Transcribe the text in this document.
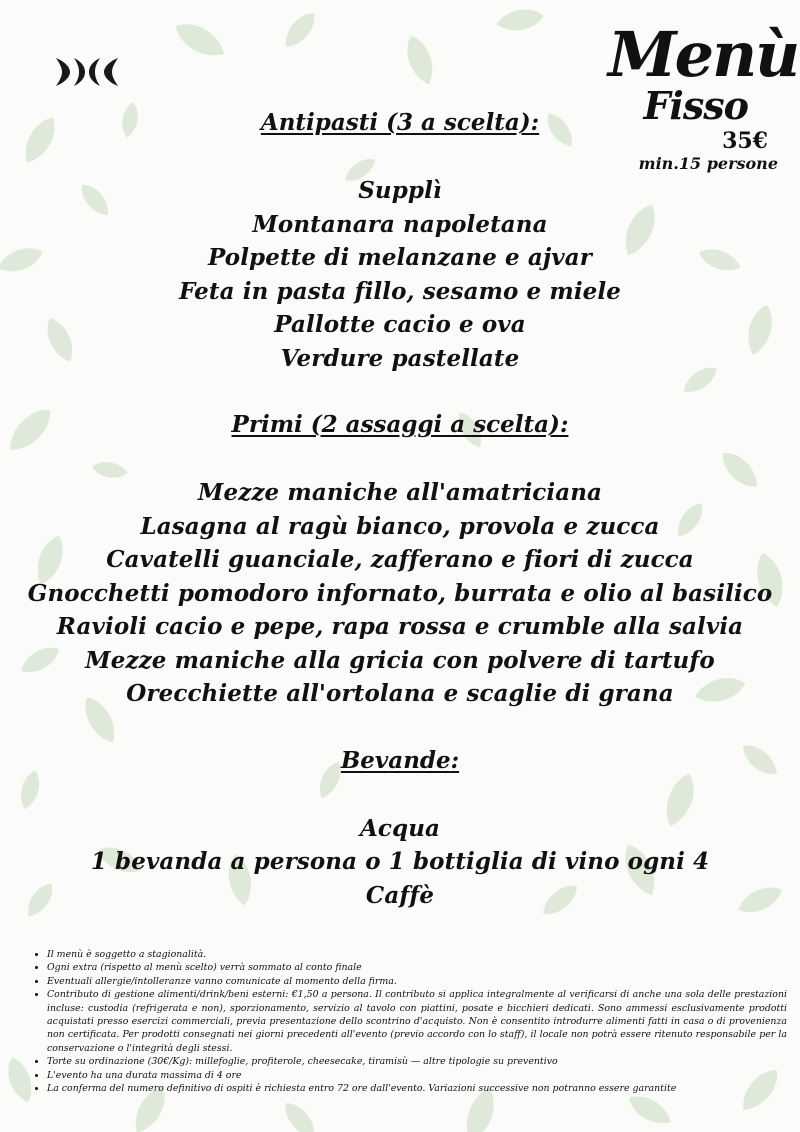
Menù
Fisso
35€
min.15 persone
Antipasti (3 a scelta):
Supplì
Montanara napoletana
Polpette di melanzane e ajvar
Feta in pasta fillo, sesamo e miele
Pallotte cacio e ova
Verdure pastellate
Primi (2 assaggi a scelta):
Mezze maniche all'amatriciana
Lasagna al ragù bianco, provola e zucca
Cavatelli guanciale, zafferano e fiori di zucca
Gnocchetti pomodoro infornato, burrata e olio al basilico
Ravioli cacio e pepe, rapa rossa e crumble alla salvia
Mezze maniche alla gricia con polvere di tartufo
Orecchiette all'ortolana e scaglie di grana
Bevande:
Acqua
1 bevanda a persona o 1 bottiglia di vino ogni 4
Caffè
• Il menù è soggetto a stagionalità.
• Ogni extra (rispetto al menù scelto) verrà sommato al conto finale
• Eventuali allergie/intolleranze vanno comunicate al momento della firma.
• Contributo di gestione alimenti/drink/beni esterni: €1,50 a persona. Il contributo si applica integralmente al verificarsi di anche una sola delle prestazioni incluse: custodia (refrigerata e non), sporzionamento, servizio al tavolo con piattini, posate e bicchieri dedicati. Sono ammessi esclusivamente prodotti acquistati presso esercizi commerciali, previa presentazione dello scontrino d'acquisto. Non è consentito introdurre alimenti fatti in casa o di provenienza non certificata. Per prodotti consegnati nei giorni precedenti all'evento (previo accordo con lo staff), il locale non potrà essere ritenuto responsabile per la conservazione o l'integrità degli stessi.
• Torte su ordinazione (30€/Kg): millefoglie, profiterole, cheesecake, tiramisù — altre tipologie su preventivo
• L'evento ha una durata massima di 4 ore
• La conferma del numero definitivo di ospiti è richiesta entro 72 ore dall'evento. Variazioni successive non potranno essere garantite
